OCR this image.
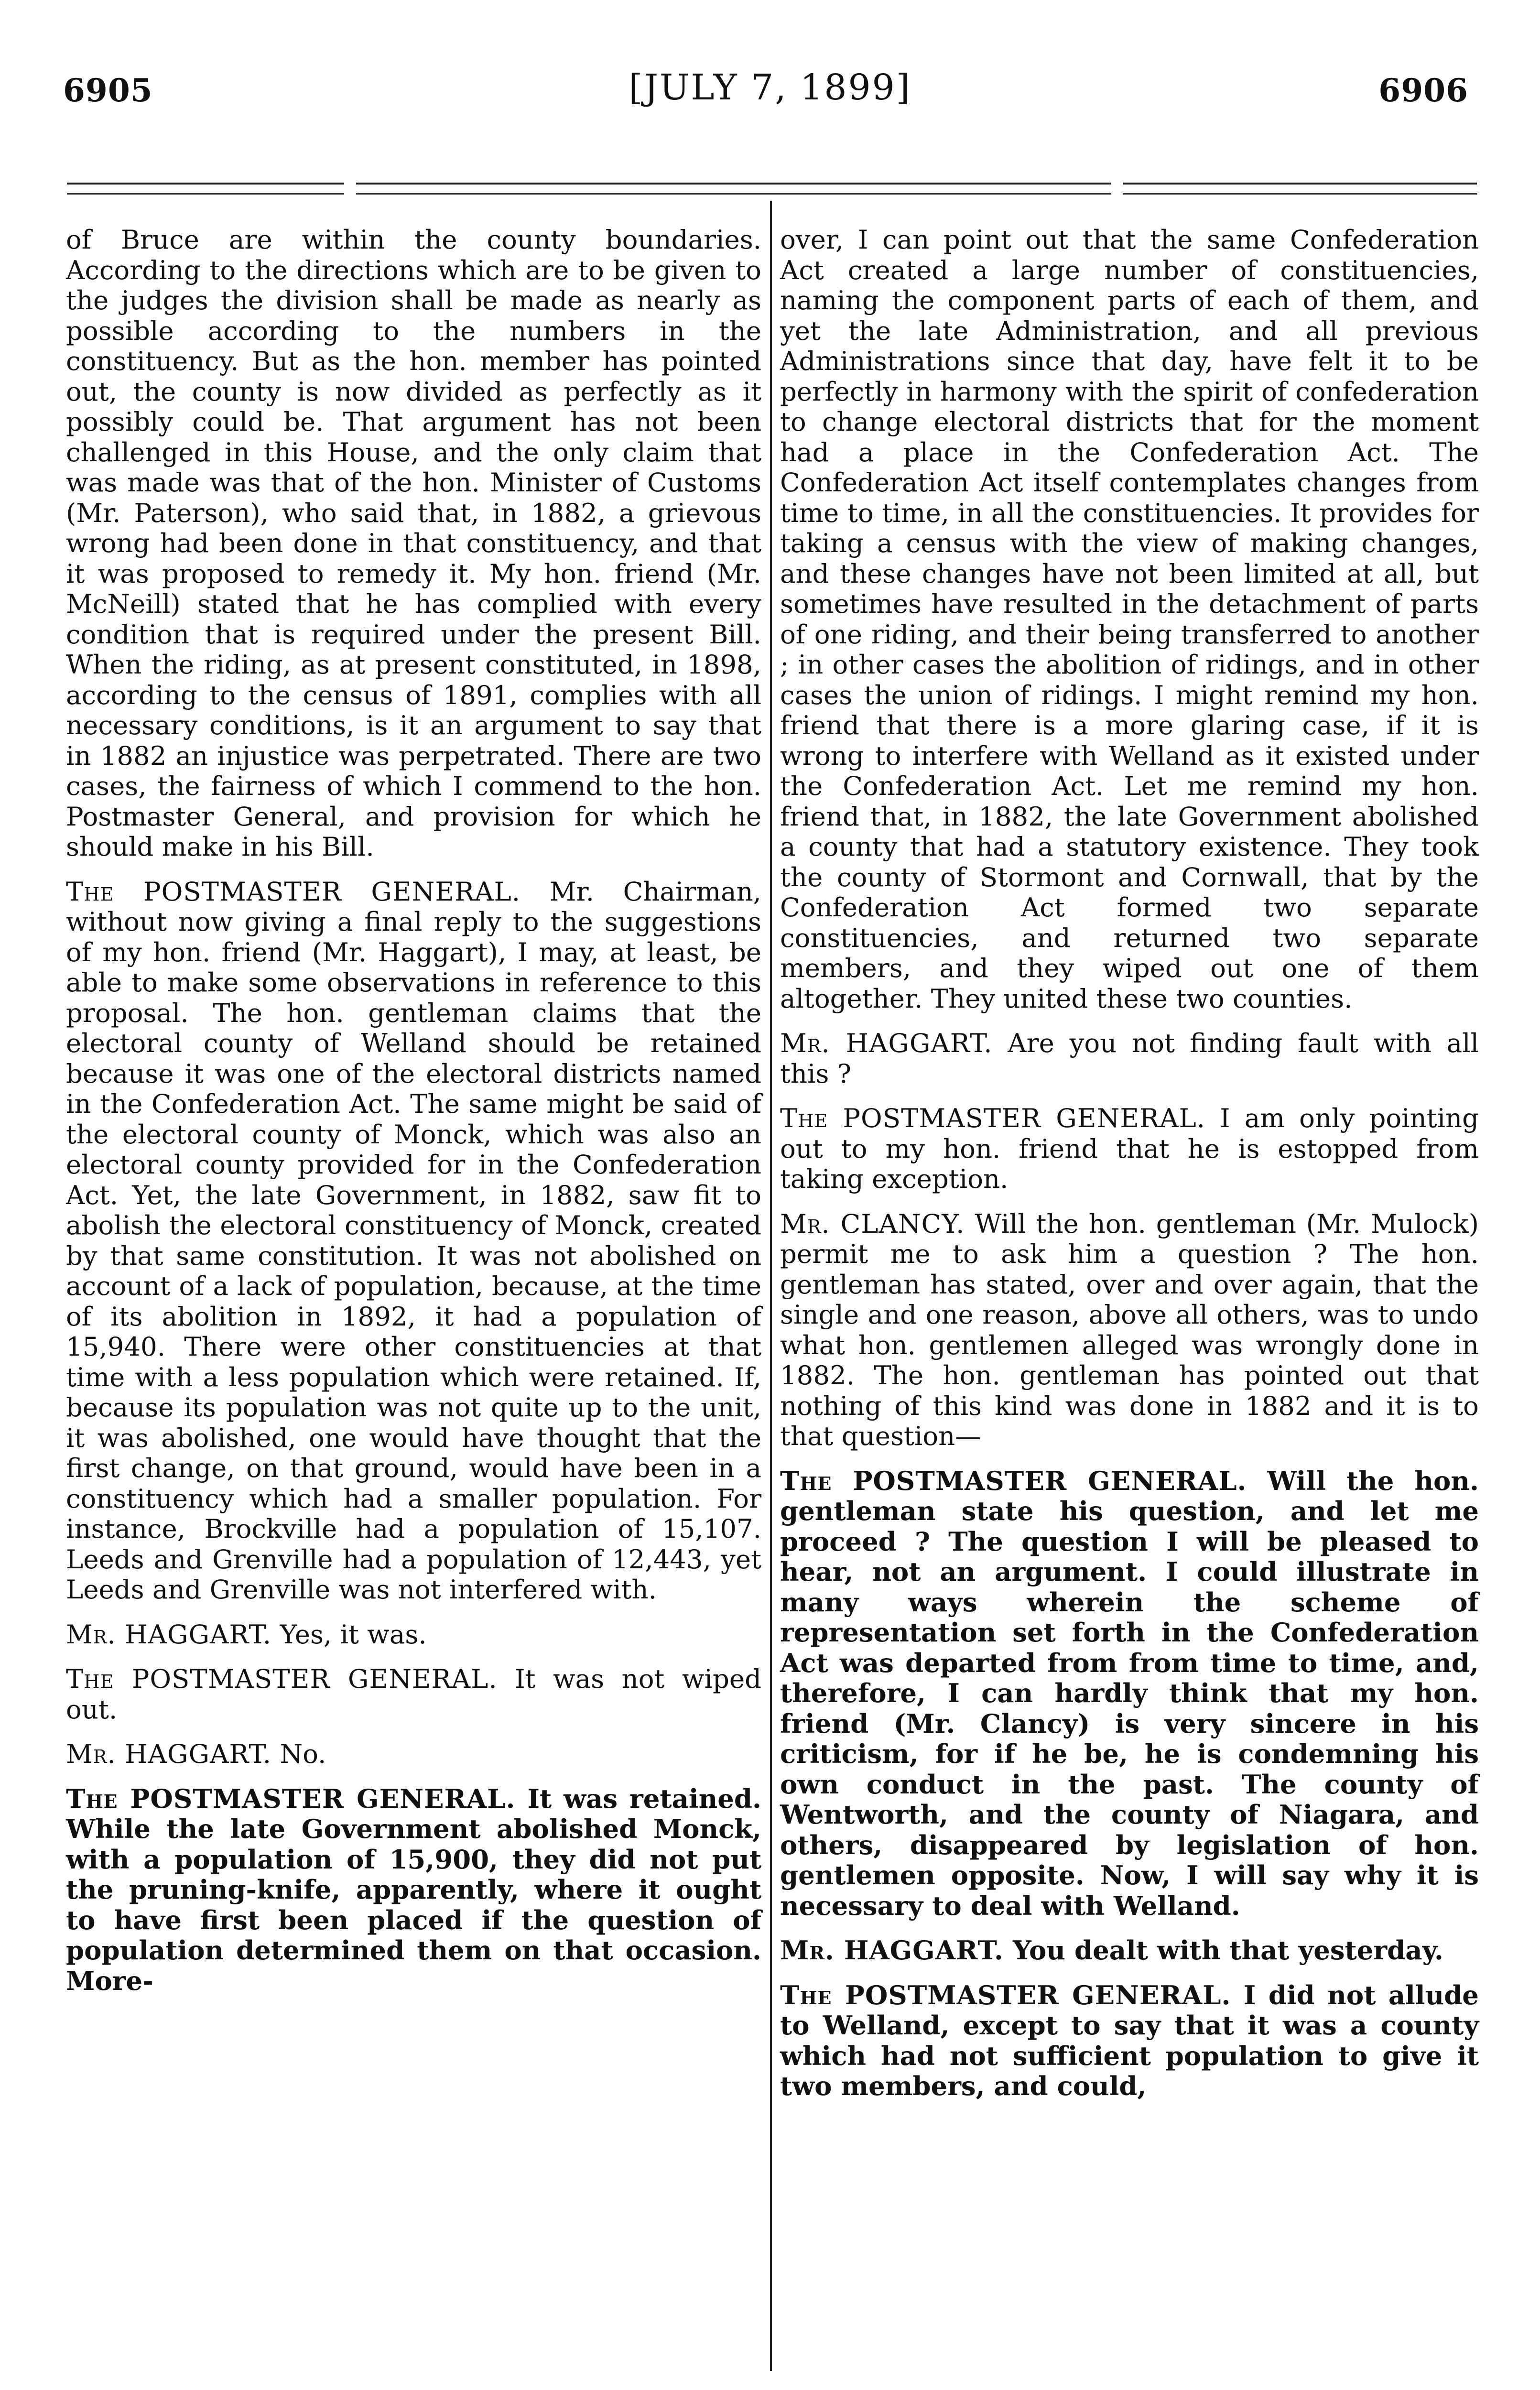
6905	[JULY 7, 1899]	6906

of Bruce are within the county boundaries. According to the directions which are to be given to the judges the division shall be made as nearly as possible according to the numbers in the constituency. But as the hon. member has pointed out, the county is now divided as perfectly as it possibly could be. That argument has not been challenged in this House, and the only claim that was made was that of the hon. Minister of Customs (Mr. Paterson), who said that, in 1882, a grievous wrong had been done in that constituency, and that it was proposed to remedy it. My hon. friend (Mr. McNeill) stated that he has complied with every condition that is required under the present Bill. When the riding, as at present constituted, in 1898, according to the census of 1891, complies with all necessary conditions, is it an argument to say that in 1882 an injustice was perpetrated. There are two cases, the fairness of which I commend to the hon. Postmaster General, and provision for which he should make in his Bill.

The POSTMASTER GENERAL. Mr. Chairman, without now giving a final reply to the suggestions of my hon. friend (Mr. Haggart), I may, at least, be able to make some observations in reference to this proposal. The hon. gentleman claims that the electoral county of Welland should be retained because it was one of the electoral districts named in the Confederation Act. The same might be said of the electoral county of Monck, which was also an electoral county provided for in the Confederation Act. Yet, the late Government, in 1882, saw fit to abolish the electoral constituency of Monck, created by that same constitution. It was not abolished on account of a lack of population, because, at the time of its abolition in 1892, it had a population of 15,940. There were other constituencies at that time with a less population which were retained. If, because its population was not quite up to the unit, it was abolished, one would have thought that the first change, on that ground, would have been in a constituency which had a smaller population. For instance, Brockville had a population of 15,107. Leeds and Grenville had a population of 12,443, yet Leeds and Grenville was not interfered with.

Mr. HAGGART. Yes, it was.

The POSTMASTER GENERAL. It was not wiped out.

Mr. HAGGART. No.

The POSTMASTER GENERAL. It was retained. While the late Government abolished Monck, with a population of 15,900, they did not put the pruning-knife, apparently, where it ought to have first been placed if the question of population determined them on that occasion. More-

over, I can point out that the same Confederation Act created a large number of constituencies, naming the component parts of each of them, and yet the late Administration, and all previous Administrations since that day, have felt it to be perfectly in harmony with the spirit of confederation to change electoral districts that for the moment had a place in the Confederation Act. The Confederation Act itself contemplates changes from time to time, in all the constituencies. It provides for taking a census with the view of making changes, and these changes have not been limited at all, but sometimes have resulted in the detachment of parts of one riding, and their being transferred to another ; in other cases the abolition of ridings, and in other cases the union of ridings. I might remind my hon. friend that there is a more glaring case, if it is wrong to interfere with Welland as it existed under the Confederation Act. Let me remind my hon. friend that, in 1882, the late Government abolished a county that had a statutory existence. They took the county of Stormont and Cornwall, that by the Confederation Act formed two separate constituencies, and returned two separate members, and they wiped out one of them altogether. They united these two counties.

Mr. HAGGART. Are you not finding fault with all this ?

The POSTMASTER GENERAL. I am only pointing out to my hon. friend that he is estopped from taking exception.

Mr. CLANCY. Will the hon. gentleman (Mr. Mulock) permit me to ask him a question ? The hon. gentleman has stated, over and over again, that the single and one reason, above all others, was to undo what hon. gentlemen alleged was wrongly done in 1882. The hon. gentleman has pointed out that nothing of this kind was done in 1882 and it is to that question—

The POSTMASTER GENERAL. Will the hon. gentleman state his question, and let me proceed ? The question I will be pleased to hear, not an argument. I could illustrate in many ways wherein the scheme of representation set forth in the Confederation Act was departed from from time to time, and, therefore, I can hardly think that my hon. friend (Mr. Clancy) is very sincere in his criticism, for if he be, he is condemning his own conduct in the past. The county of Wentworth, and the county of Niagara, and others, disappeared by legislation of hon. gentlemen opposite. Now, I will say why it is necessary to deal with Welland.

Mr. HAGGART. You dealt with that yesterday.

The POSTMASTER GENERAL. I did not allude to Welland, except to say that it was a county which had not sufficient population to give it two members, and could,
